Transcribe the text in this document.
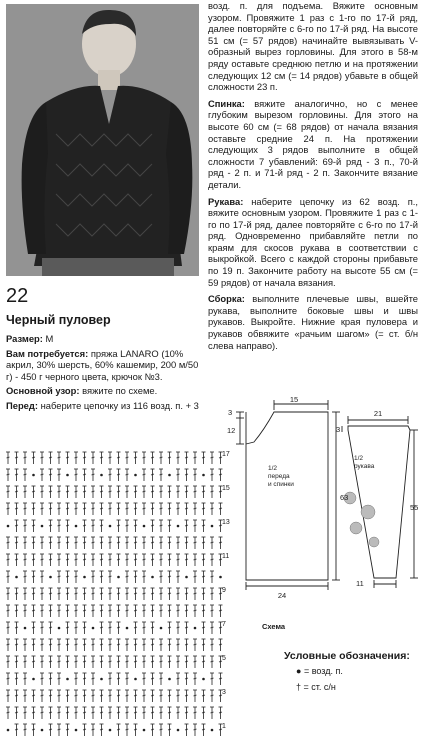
22
Черный пуловер

Размер: М

Вам потребуется: пряжа LANARO (10% акрил, 30% шерсть, 60% кашемир, 200 м/50 г) - 450 г черного цвета, крючок №3.

Основной узор: вяжите по схеме.

Перед: наберите цепочку из 116 возд. п. + 3

возд. п. для подъема. Вяжите основным узором. Провяжите 1 раз с 1-го по 17-й ряд, далее повторяйте с 6-го по 17-й ряд. На высоте 51 см (= 57 рядов) начинайте вывязывать V-образный вырез горловины. Для этого в 58-м ряду оставьте среднюю петлю и на протяжении следующих 12 см (= 14 рядов) убавьте в общей сложности 23 п.

Спинка: вяжите аналогично, но с менее глубоким вырезом горловины. Для этого на высоте 60 см (= 68 рядов) от начала вязания оставьте средние 24 п. На протяжении следующих 3 рядов выполните в общей сложности 7 убавлений: 69-й ряд - 3 п., 70-й ряд - 2 п. и 71-й ряд - 2 п. Закончите вязание детали.

Рукава: наберите цепочку из 62 возд. п., вяжите основным узором. Провяжите 1 раз с 1-го по 17-й ряд, далее повторяйте с 6-го по 17-й ряд. Одновременно прибавляйте петли по краям для скосов рукава в соответствии с выкройкой. Всего с каждой стороны прибавьте по 19 п. Закончите работу на высоте 55 см (= 59 рядов) от начала вязания.

Сборка: выполните плечевые швы, вшейте рукава, выполните боковые швы и швы рукавов. Выкройте. Нижние края пуловера и рукавов обвяжите «рачьим шагом» (= ст. б/н слева направо).

17
15
13
11
9
7
5
3
1
15
3
12
63
24
21
3
55
11
1/2
переда
и спинки
1/2
рукава
Схема
Условные обозначения:
● = возд. п.
† = ст. с/н
